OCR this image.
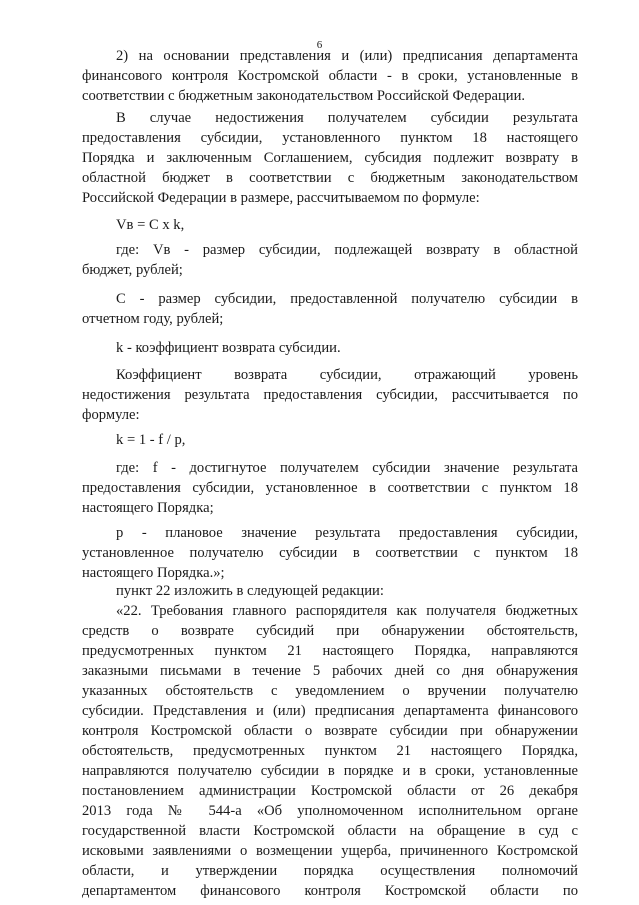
6
2) на основании представления и (или) предписания департамента
финансового контроля Костромской области - в сроки, установленные в
соответствии с бюджетным законодательством Российской Федерации.
В случае недостижения получателем субсидии результата
предоставления субсидии, установленного пунктом 18 настоящего
Порядка и заключенным Соглашением, субсидия подлежит возврату в
областной бюджет в соответствии с бюджетным законодательством
Российской Федерации в размере, рассчитываемом по формуле:
Vв = C x k,
где: Vв - размер субсидии, подлежащей возврату в областной
бюджет, рублей;
C - размер субсидии, предоставленной получателю субсидии в
отчетном году, рублей;
k - коэффициент возврата субсидии.
Коэффициент возврата субсидии, отражающий уровень
недостижения результата предоставления субсидии, рассчитывается по
формуле:
k = 1 - f / p,
где: f - достигнутое получателем субсидии значение результата
предоставления субсидии, установленное в соответствии с пунктом 18
настоящего Порядка;
p - плановое значение результата предоставления субсидии,
установленное получателю субсидии в соответствии с пунктом 18
настоящего Порядка.»;
пункт 22 изложить в следующей редакции:
«22. Требования главного распорядителя как получателя бюджетных
средств о возврате субсидий при обнаружении обстоятельств,
предусмотренных пунктом 21 настоящего Порядка, направляются
заказными письмами в течение 5 рабочих дней со дня обнаружения
указанных обстоятельств с уведомлением о вручении получателю
субсидии. Представления и (или) предписания департамента финансового
контроля Костромской области о возврате субсидии при обнаружении
обстоятельств, предусмотренных пунктом 21 настоящего Порядка,
направляются получателю субсидии в порядке и в сроки, установленные
постановлением администрации Костромской области от 26 декабря
2013 года № 544-а «Об уполномоченном исполнительном органе
государственной власти Костромской области на обращение в суд с
исковыми заявлениями о возмещении ущерба, причиненного Костромской
области, и утверждении порядка осуществления полномочий
департаментом финансового контроля Костромской области по
